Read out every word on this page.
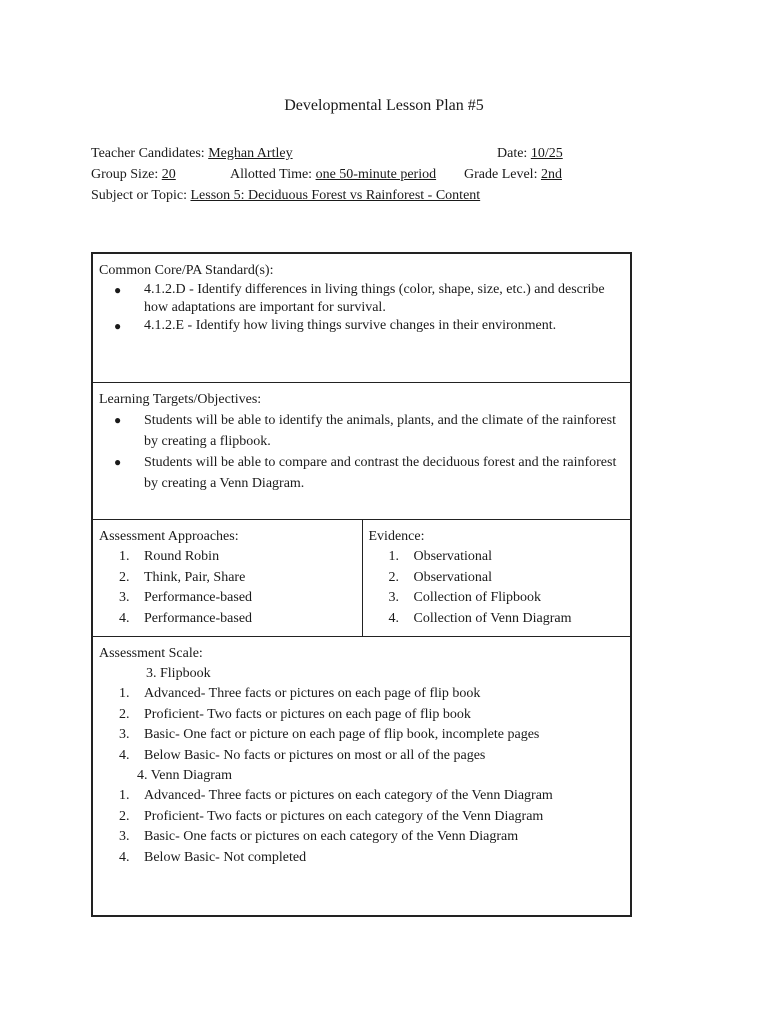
Developmental Lesson Plan #5
Teacher Candidates: Meghan Artley	Date: 10/25
Group Size: 20	Allotted Time: one 50-minute period Grade Level: 2nd
Subject or Topic: Lesson 5: Deciduous Forest vs Rainforest - Content
Common Core/PA Standard(s):
● 4.1.2.D - Identify differences in living things (color, shape, size, etc.) and describe how adaptations are important for survival.
● 4.1.2.E - Identify how living things survive changes in their environment.
Learning Targets/Objectives:
● Students will be able to identify the animals, plants, and the climate of the rainforest by creating a flipbook.
● Students will be able to compare and contrast the deciduous forest and the rainforest by creating a Venn Diagram.
Assessment Approaches:
1. Round Robin
2. Think, Pair, Share
3. Performance-based
4. Performance-based
Evidence:
1. Observational
2. Observational
3. Collection of Flipbook
4. Collection of Venn Diagram
Assessment Scale:
3. Flipbook
1. Advanced- Three facts or pictures on each page of flip book
2. Proficient- Two facts or pictures on each page of flip book
3. Basic- One fact or picture on each page of flip book, incomplete pages
4. Below Basic- No facts or pictures on most or all of the pages
4. Venn Diagram
1. Advanced- Three facts or pictures on each category of the Venn Diagram
2. Proficient- Two facts or pictures on each category of the Venn Diagram
3. Basic- One facts or pictures on each category of the Venn Diagram
4. Below Basic- Not completed
